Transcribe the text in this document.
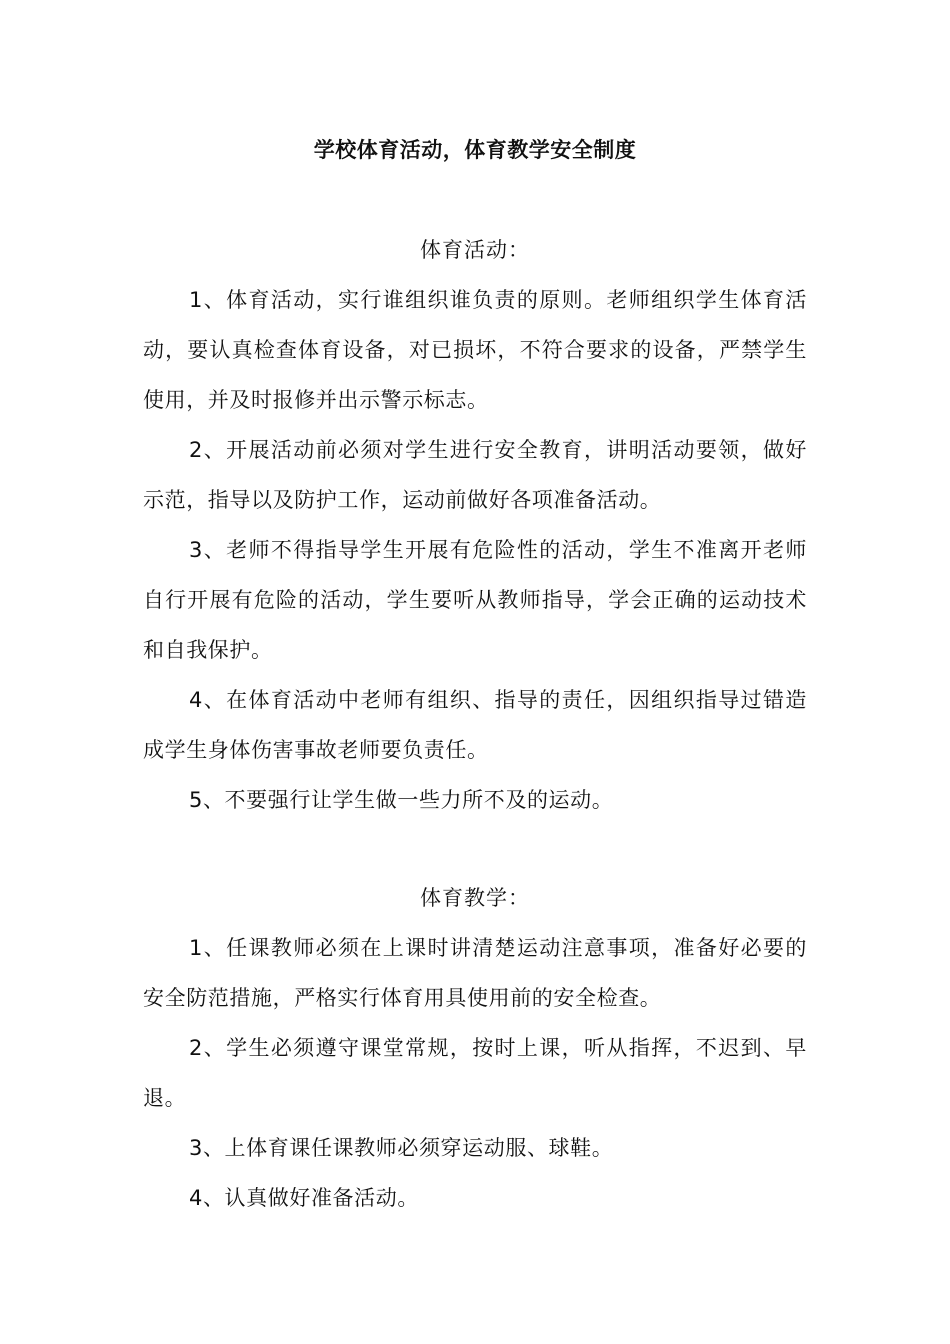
学校体育活动，体育教学安全制度
体育活动：

1、体育活动，实行谁组织谁负责的原则。老师组织学生体育活动，要认真检查体育设备，对已损坏，不符合要求的设备，严禁学生使用，并及时报修并出示警示标志。

2、开展活动前必须对学生进行安全教育，讲明活动要领，做好示范，指导以及防护工作，运动前做好各项准备活动。

3、老师不得指导学生开展有危险性的活动，学生不准离开老师自行开展有危险的活动，学生要听从教师指导，学会正确的运动技术和自我保护。

4、在体育活动中老师有组织、指导的责任，因组织指导过错造成学生身体伤害事故老师要负责任。

5、不要强行让学生做一些力所不及的运动。

体育教学：

1、任课教师必须在上课时讲清楚运动注意事项，准备好必要的安全防范措施，严格实行体育用具使用前的安全检查。

2、学生必须遵守课堂常规，按时上课，听从指挥，不迟到、早退。

3、上体育课任课教师必须穿运动服、球鞋。

4、认真做好准备活动。
